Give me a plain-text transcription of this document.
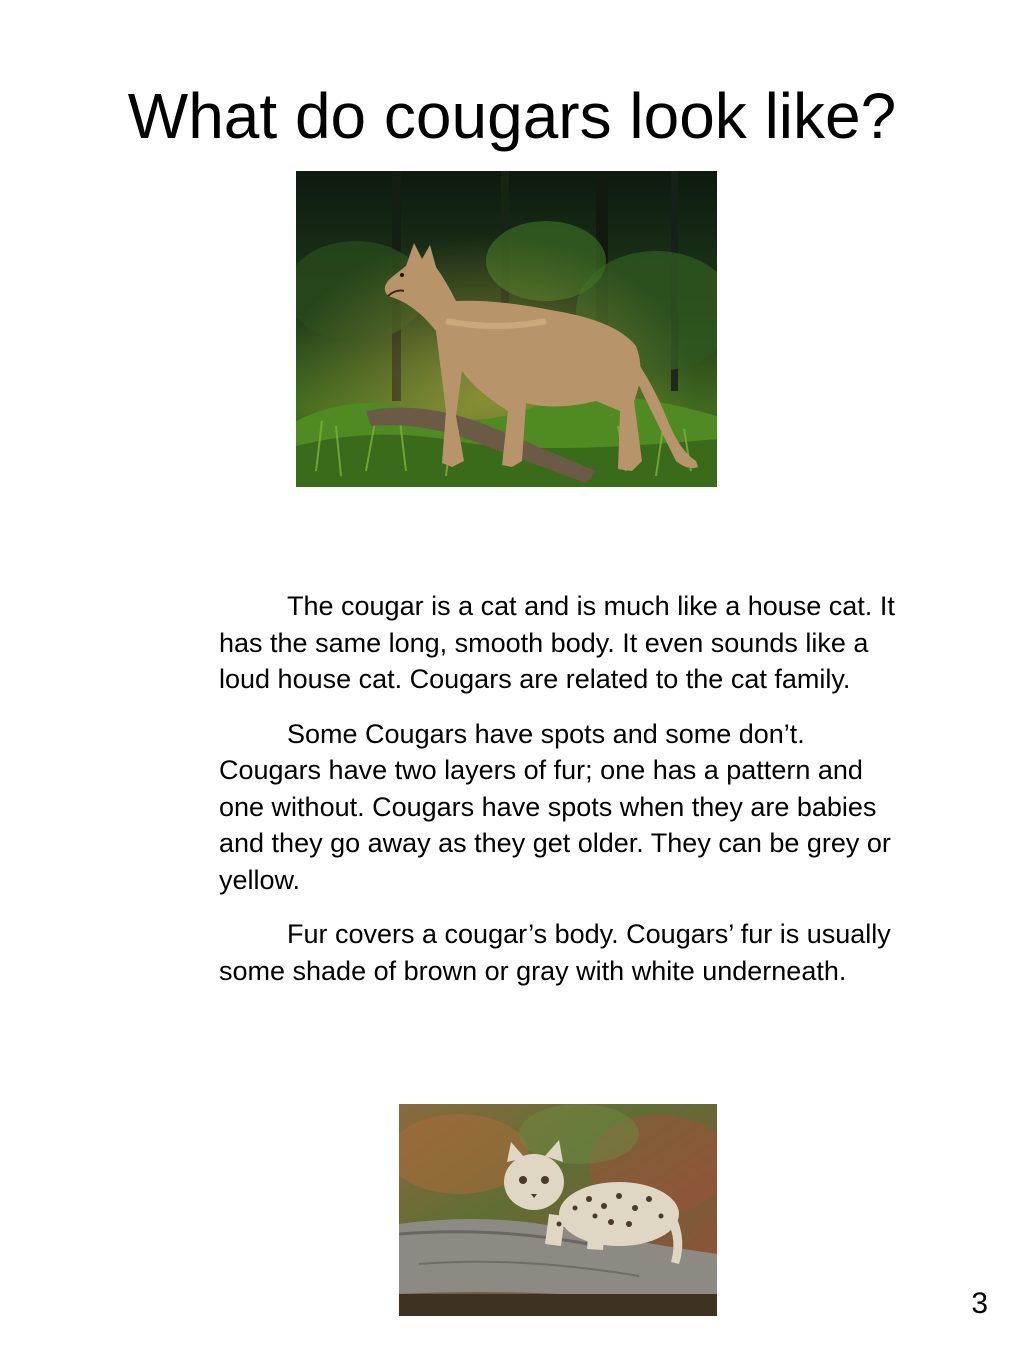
What do cougars look like?

The cougar is a cat and is much like a house cat. It has the same long, smooth body. It even sounds like a loud house cat. Cougars are related to the cat family.

Some Cougars have spots and some don’t. Cougars have two layers of fur; one has a pattern and one without. Cougars have spots when they are babies and they go away as they get older. They can be grey or yellow.

Fur covers a cougar’s body. Cougars’ fur is usually some shade of brown or gray with white underneath.

3
